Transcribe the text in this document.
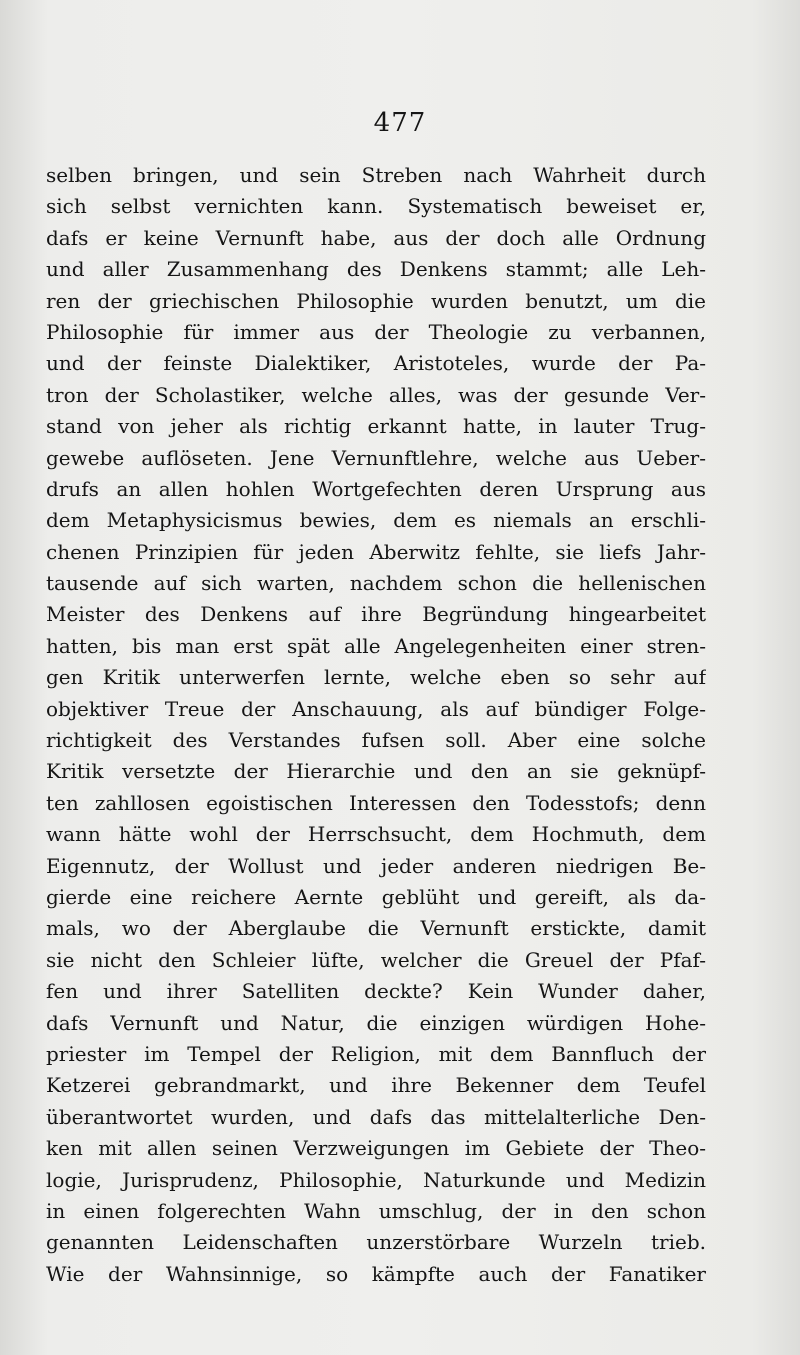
477
selben bringen, und sein Streben nach Wahrheit durch
sich selbst vernichten kann. Systematisch beweiset er,
dafs er keine Vernunft habe, aus der doch alle Ordnung
und aller Zusammenhang des Denkens stammt; alle Leh-
ren der griechischen Philosophie wurden benutzt, um die
Philosophie für immer aus der Theologie zu verbannen,
und der feinste Dialektiker, Aristoteles, wurde der Pa-
tron der Scholastiker, welche alles, was der gesunde Ver-
stand von jeher als richtig erkannt hatte, in lauter Trug-
gewebe auflöseten. Jene Vernunftlehre, welche aus Ueber-
drufs an allen hohlen Wortgefechten deren Ursprung aus
dem Metaphysicismus bewies, dem es niemals an erschli-
chenen Prinzipien für jeden Aberwitz fehlte, sie liefs Jahr-
tausende auf sich warten, nachdem schon die hellenischen
Meister des Denkens auf ihre Begründung hingearbeitet
hatten, bis man erst spät alle Angelegenheiten einer stren-
gen Kritik unterwerfen lernte, welche eben so sehr auf
objektiver Treue der Anschauung, als auf bündiger Folge-
richtigkeit des Verstandes fufsen soll. Aber eine solche
Kritik versetzte der Hierarchie und den an sie geknüpf-
ten zahllosen egoistischen Interessen den Todesstofs; denn
wann hätte wohl der Herrschsucht, dem Hochmuth, dem
Eigennutz, der Wollust und jeder anderen niedrigen Be-
gierde eine reichere Aernte geblüht und gereift, als da-
mals, wo der Aberglaube die Vernunft erstickte, damit
sie nicht den Schleier lüfte, welcher die Greuel der Pfaf-
fen und ihrer Satelliten deckte? Kein Wunder daher,
dafs Vernunft und Natur, die einzigen würdigen Hohe-
priester im Tempel der Religion, mit dem Bannfluch der
Ketzerei gebrandmarkt, und ihre Bekenner dem Teufel
überantwortet wurden, und dafs das mittelalterliche Den-
ken mit allen seinen Verzweigungen im Gebiete der Theo-
logie, Jurisprudenz, Philosophie, Naturkunde und Medizin
in einen folgerechten Wahn umschlug, der in den schon
genannten Leidenschaften unzerstörbare Wurzeln trieb.
Wie der Wahnsinnige, so kämpfte auch der Fanatiker
